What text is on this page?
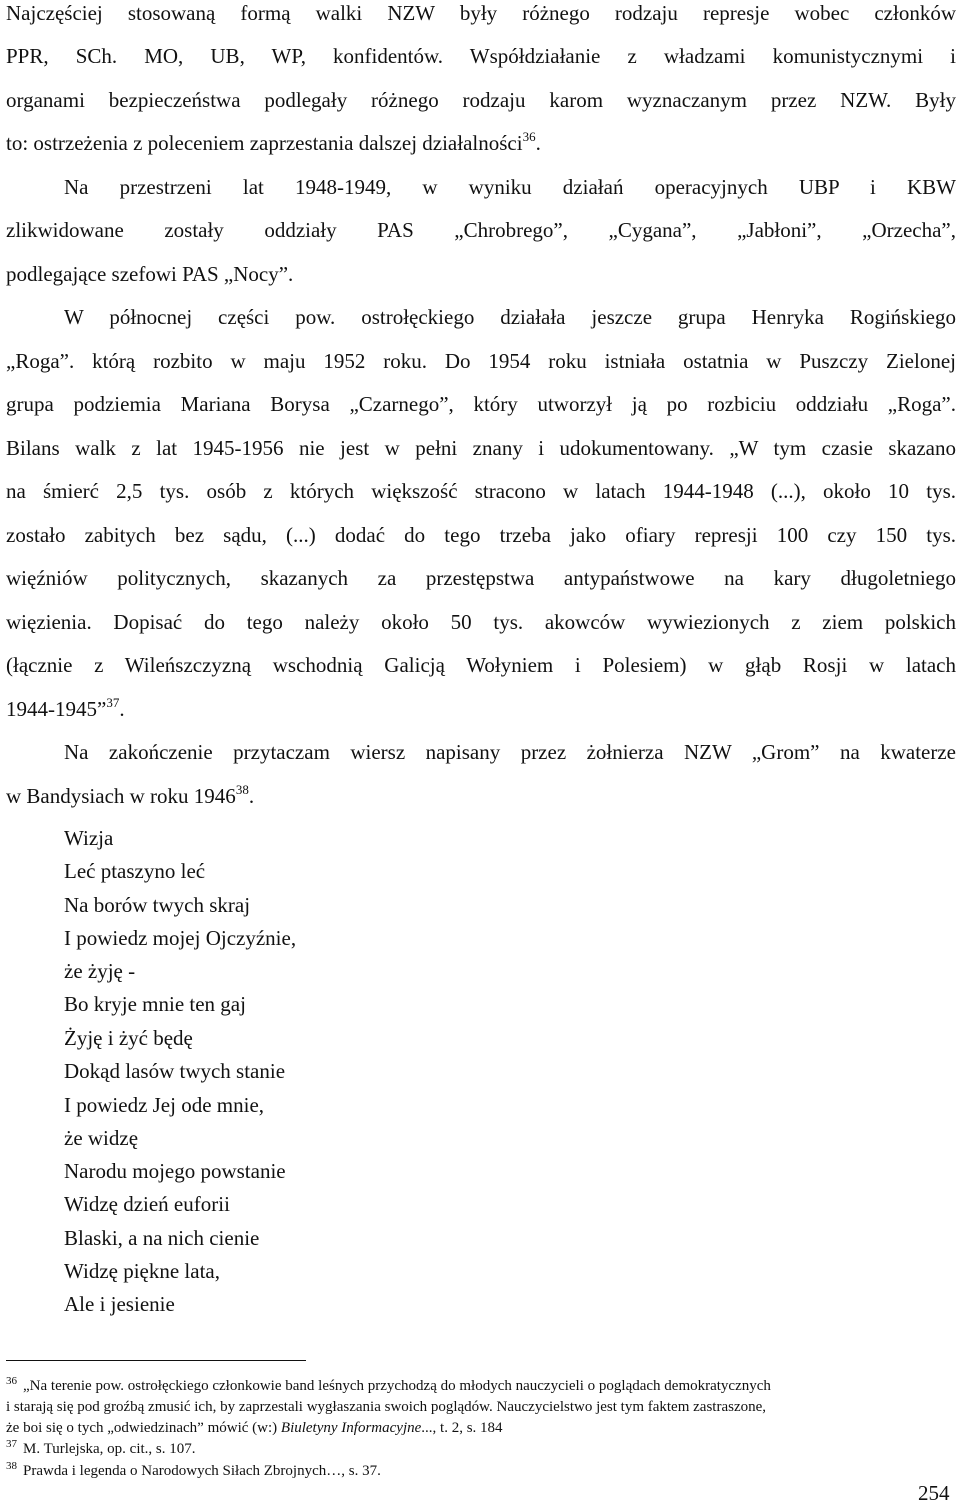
Najczęściej stosowaną formą walki NZW były różnego rodzaju represje wobec członków
PPR, SCh. MO, UB, WP, konfidentów. Współdziałanie z władzami komunistycznymi i
organami bezpieczeństwa podlegały różnego rodzaju karom wyznaczanym przez NZW. Były
to: ostrzeżenia z poleceniem zaprzestania dalszej działalności$^{36}$.
Na przestrzeni lat 1948-1949, w wyniku działań operacyjnych UBP i KBW
zlikwidowane zostały oddziały PAS „Chrobrego”, „Cygana”, „Jabłoni”, „Orzecha”,
podlegające szefowi PAS „Nocy”.
W północnej części pow. ostrołęckiego działała jeszcze grupa Henryka Rogińskiego
„Roga”. którą rozbito w maju 1952 roku. Do 1954 roku istniała ostatnia w Puszczy Zielonej
grupa podziemia Mariana Borysa „Czarnego”, który utworzył ją po rozbiciu oddziału „Roga”.
Bilans walk z lat 1945-1956 nie jest w pełni znany i udokumentowany. „W tym czasie skazano
na śmierć 2,5 tys. osób z których większość stracono w latach 1944-1948 (...), około 10 tys.
zostało zabitych bez sądu, (...) dodać do tego trzeba jako ofiary represji 100 czy 150 tys.
więźniów politycznych, skazanych za przestępstwa antypaństwowe na kary długoletniego
więzienia. Dopisać do tego należy około 50 tys. akowców wywiezionych z ziem polskich
(łącznie z Wileńszczyzną wschodnią Galicją Wołyniem i Polesiem) w głąb Rosji w latach
1944-1945”$^{37}$.
Na zakończenie przytaczam wiersz napisany przez żołnierza NZW „Grom” na kwaterze
w Bandysiach w roku 1946$^{38}$.
Wizja
Leć ptaszyno leć
Na borów twych skraj
I powiedz mojej Ojczyźnie,
że żyję -
Bo kryje mnie ten gaj
Żyję i żyć będę
Dokąd lasów twych stanie
I powiedz Jej ode mnie,
że widzę
Narodu mojego powstanie
Widzę dzień euforii
Blaski, a na nich cienie
Widzę piękne lata,
Ale i jesienie
$^{36}$ „Na terenie pow. ostrołęckiego członkowie band leśnych przychodzą do młodych nauczycieli o poglądach demokratycznych
i starają się pod groźbą zmusić ich, by zaprzestali wygłaszania swoich poglądów. Nauczycielstwo jest tym faktem zastraszone,
że boi się o tych „odwiedzinach” mówić (w:) Biuletyny Informacyjne..., t. 2, s. 184
$^{37}$ M. Turlejska, op. cit., s. 107.
$^{38}$ Prawda i legenda o Narodowych Siłach Zbrojnych…, s. 37.
254
